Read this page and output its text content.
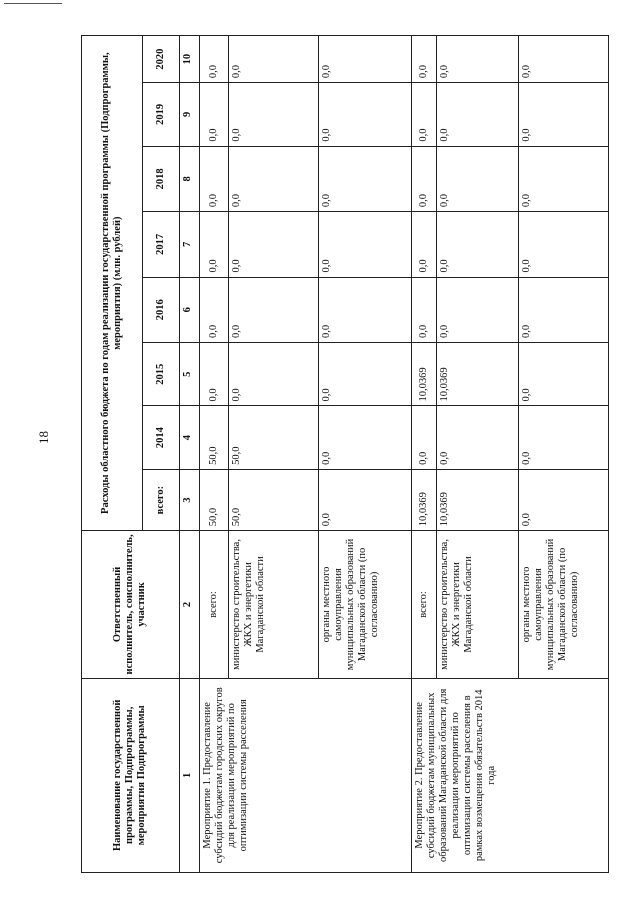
18
Наименование государственной программы, Подпрограммы, мероприятия Подпрограммы	Ответственный исполнитель, соисполнитель, участник	Расходы областного бюджета по годам реализации государственной программы (Подпрограммы, мероприятия) (млн. рублей)							
		всего:	2014	2015	2016	2017	2018	2019	2020
1	2	3	4	5	6	7	8	9	10
Мероприятие 1. Предоставление субсидий бюджетам городских округов для реализации мероприятий по оптимизации системы расселения	всего:	50,0	50,0	0,0	0,0	0,0	0,0	0,0	0,0
	министерство строительства, ЖКХ и энергетики Магаданской области	50,0	50,0	0,0	0,0	0,0	0,0	0,0	0,0
	органы местного самоуправления муниципальных образований Магаданской области (по согласованию)	0,0	0,0	0,0	0,0	0,0	0,0	0,0	0,0
Мероприятие 2. Предоставление субсидий бюджетам муниципальных образований Магаданской области для реализации мероприятий по оптимизации системы расселения в рамках возмещения обязательств 2014 года	всего:	10,0369	0,0	10,0369	0,0	0,0	0,0	0,0	0,0
	министерство строительства, ЖКХ и энергетики Магаданской области	10,0369	0,0	10,0369	0,0	0,0	0,0	0,0	0,0
	органы местного самоуправления муниципальных образований Магаданской области (по согласованию)	0,0	0,0	0,0	0,0	0,0	0,0	0,0	0,0
